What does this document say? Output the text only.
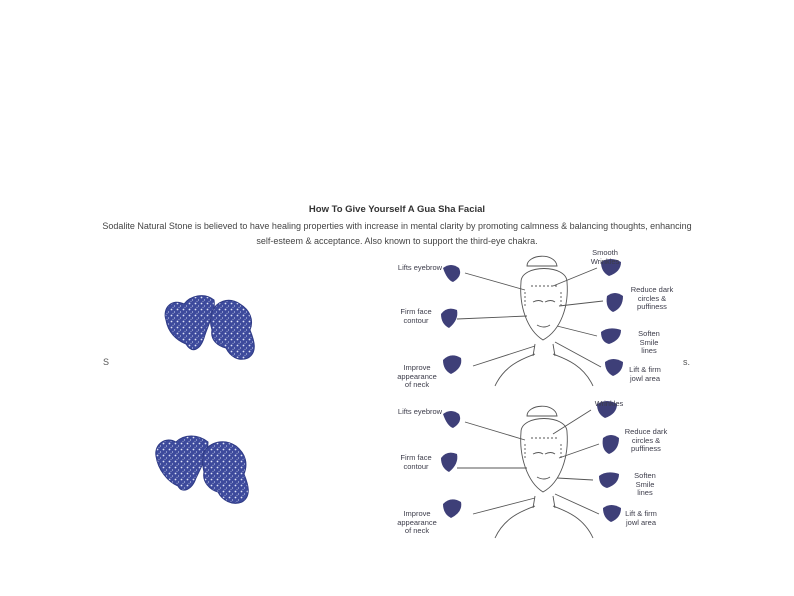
How To Give Yourself A Gua Sha Facial
Sodalite Natural Stone is believed to have healing properties with increase in mental clarity by promoting calmness & balancing thoughts, enhancing self-esteem & acceptance. Also known to support the third-eye chakra.
S	s.
Lifts eyebrow
Firm face contour
Improve appearance of neck
Smooth Wrinkles
Reduce dark circles & puffiness
Soften Smile lines
Lift & firm jowl area
Lifts eyebrow
Firm face contour
Improve appearance of neck
Wrinkles
Reduce dark circles & puffiness
Soften Smile lines
Lift & firm jowl area
